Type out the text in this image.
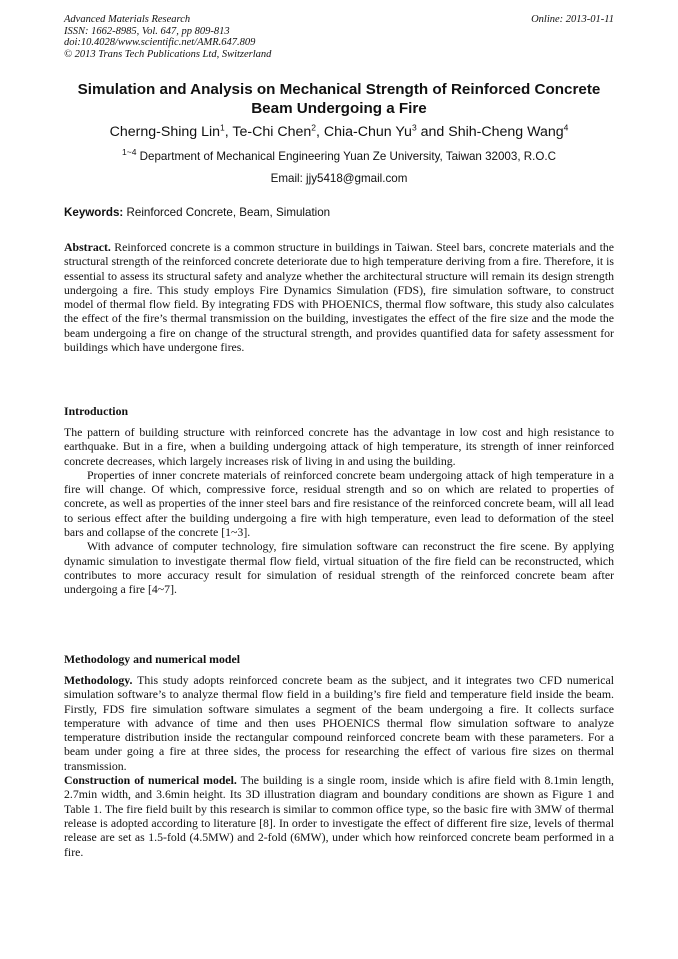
Advanced Materials Research
ISSN: 1662-8985, Vol. 647, pp 809-813
doi:10.4028/www.scientific.net/AMR.647.809
© 2013 Trans Tech Publications Ltd, Switzerland
Online: 2013-01-11
Simulation and Analysis on Mechanical Strength of Reinforced Concrete
Beam Undergoing a Fire
Cherng-Shing Lin$^1$, Te-Chi Chen$^2$, Chia-Chun Yu$^3$ and Shih-Cheng Wang$^4$
$^{1\sim 4}$ Department of Mechanical Engineering Yuan Ze University, Taiwan 32003, R.O.C
Email: jjy5418@gmail.com
Keywords: Reinforced Concrete, Beam, Simulation

Abstract. Reinforced concrete is a common structure in buildings in Taiwan. Steel bars, concrete materials and the structural strength of the reinforced concrete deteriorate due to high temperature deriving from a fire. Therefore, it is essential to assess its structural safety and analyze whether the architectural structure will remain its design strength undergoing a fire. This study employs Fire Dynamics Simulation (FDS), fire simulation software, to construct model of thermal flow field. By integrating FDS with PHOENICS, thermal flow software, this study also calculates the effect of the fire’s thermal transmission on the building, investigates the effect of the fire size and the mode the beam undergoing a fire on change of the structural strength, and provides quantified data for safety assessment for buildings which have undergone fires.

Introduction

The pattern of building structure with reinforced concrete has the advantage in low cost and high resistance to earthquake. But in a fire, when a building undergoing attack of high temperature, its strength of inner reinforced concrete decreases, which largely increases risk of living in and using the building.

Properties of inner concrete materials of reinforced concrete beam undergoing attack of high temperature in a fire will change. Of which, compressive force, residual strength and so on which are related to properties of concrete, as well as properties of the inner steel bars and fire resistance of the reinforced concrete beam, will all lead to serious effect after the building undergoing a fire with high temperature, even lead to deformation of the steel bars and collapse of the concrete [1~3].

With advance of computer technology, fire simulation software can reconstruct the fire scene. By applying dynamic simulation to investigate thermal flow field, virtual situation of the fire field can be reconstructed, which contributes to more accuracy result for simulation of residual strength of the reinforced concrete beam after undergoing a fire [4~7].

Methodology and numerical model

Methodology. This study adopts reinforced concrete beam as the subject, and it integrates two CFD numerical simulation software’s to analyze thermal flow field in a building’s fire field and temperature field inside the beam. Firstly, FDS fire simulation software simulates a segment of the beam undergoing a fire. It collects surface temperature with advance of time and then uses PHOENICS thermal flow simulation software to analyze temperature distribution inside the rectangular compound reinforced concrete beam with these parameters. For a beam under going a fire at three sides, the process for researching the effect of various fire sizes on thermal transmission.

Construction of numerical model. The building is a single room, inside which is afire field with 8.1min length, 2.7min width, and 3.6min height. Its 3D illustration diagram and boundary conditions are shown as Figure 1 and Table 1. The fire field built by this research is similar to common office type, so the basic fire with 3MW of thermal release is adopted according to literature [8]. In order to investigate the effect of different fire size, levels of thermal release are set as 1.5-fold (4.5MW) and 2-fold (6MW), under which how reinforced concrete beam performed in a fire.
